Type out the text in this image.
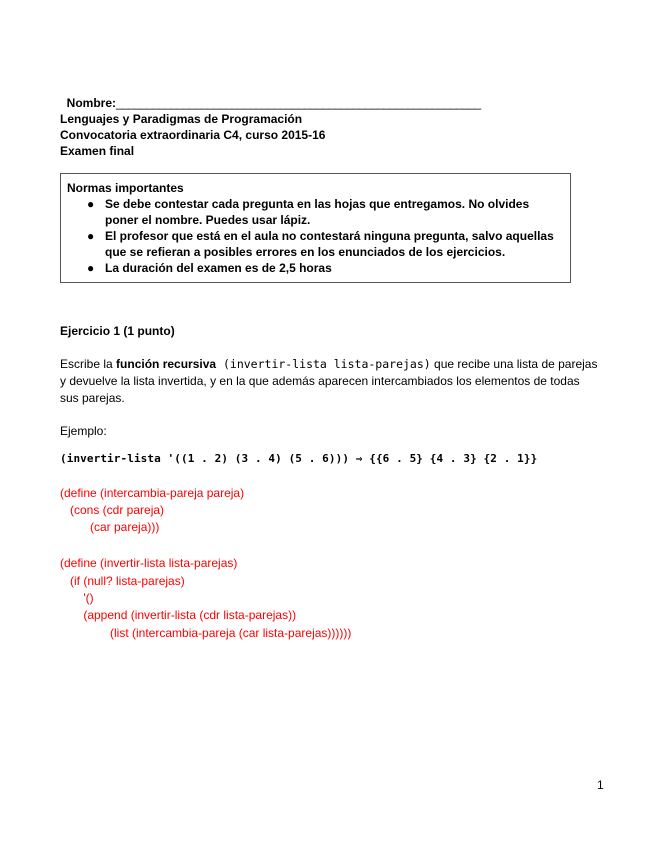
Nombre:____________________________________________________________

Lenguajes y Paradigmas de Programación
Convocatoria extraordinaria C4, curso 2015-16
Examen final
Normas importantes
● Se debe contestar cada pregunta en las hojas que entregamos. No olvides poner el nombre. Puedes usar lápiz.
● El profesor que está en el aula no contestará ninguna pregunta, salvo aquellas que se refieran a posibles errores en los enunciados de los ejercicios.
● La duración del examen es de 2,5 horas
Ejercicio 1 (1 punto)
Escribe la función recursiva (invertir-lista lista-parejas) que recibe una lista de parejas y devuelve la lista invertida, y en la que además aparecen intercambiados los elementos de todas sus parejas.
Ejemplo:
(invertir-lista '((1 . 2) (3 . 4) (5 . 6))) ⇒ {{6 . 5} {4 . 3} {2 . 1}}
(define (intercambia-pareja pareja)
(cons (cdr pareja)
(car pareja)))
(define (invertir-lista lista-parejas)
(if (null? lista-parejas)
'()
(append (invertir-lista (cdr lista-parejas))
(list (intercambia-pareja (car lista-parejas))))))
1
